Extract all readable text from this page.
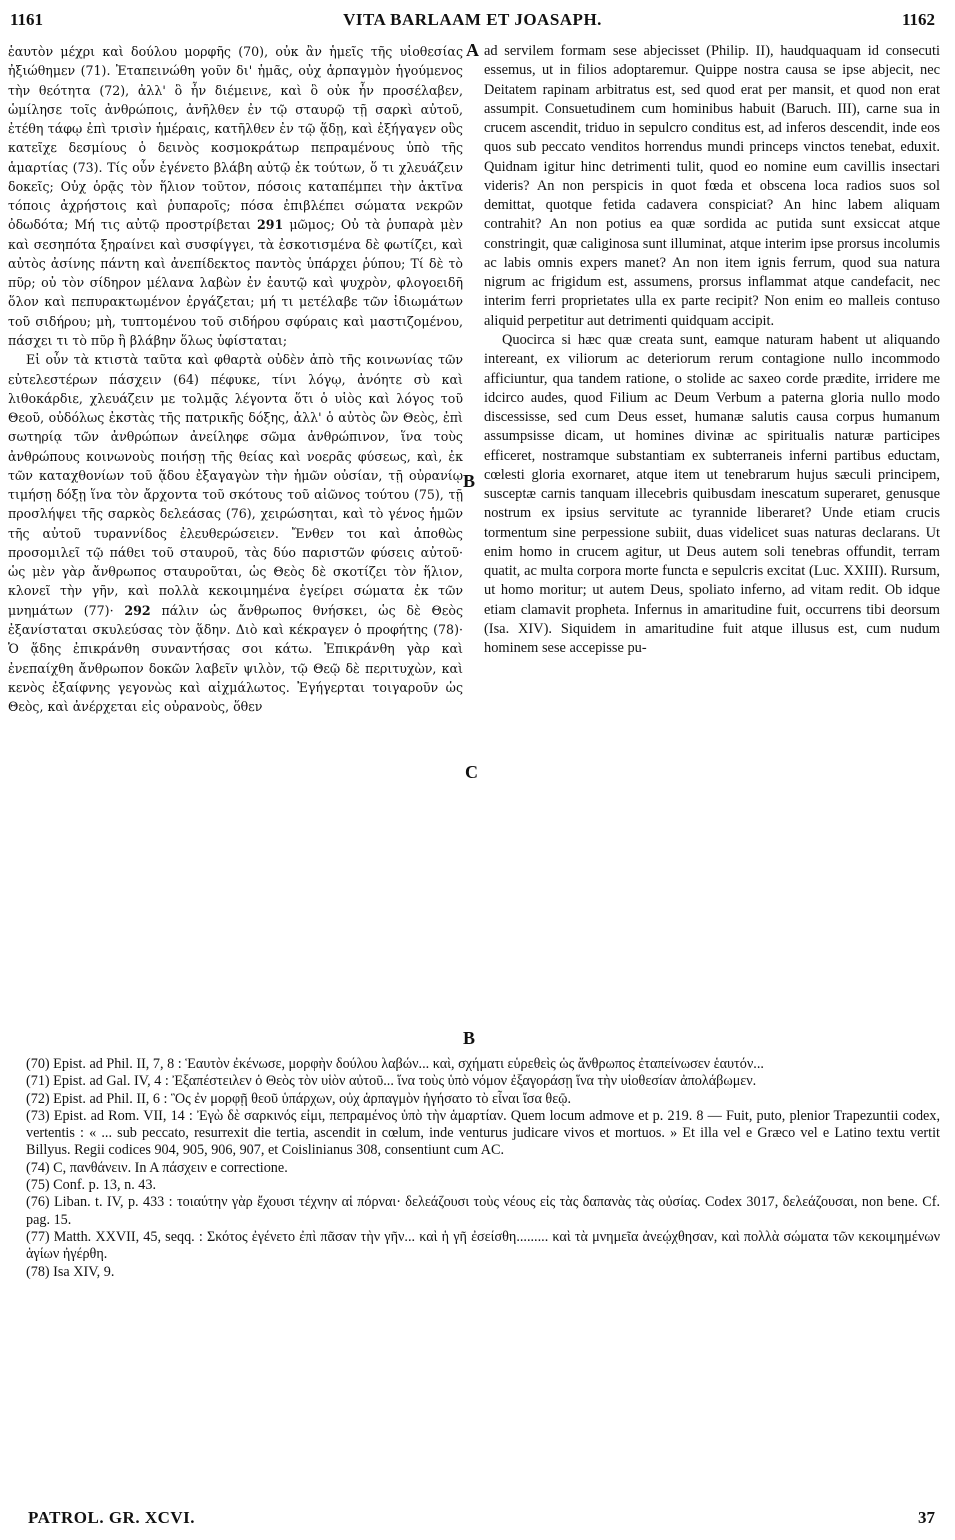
1161	VITA BARLAAM ET JOASAPH.	1162

ἑαυτὸν μέχρι καὶ δούλου μορφῆς (70), οὐκ ἂν ἡμεῖς τῆς υἱοθεσίας ἠξιώθημεν (71). Ἐταπεινώθη γοῦν δι' ἡμᾶς, οὐχ ἁρπαγμὸν ἡγούμενος τὴν θεότητα (72), ἀλλ' ὃ ἦν διέμεινε, καὶ ὃ οὐκ ἦν προσέλαβεν, ὡμίλησε τοῖς ἀνθρώποις, ἀνῆλθεν ἐν τῷ σταυρῷ τῇ σαρκὶ αὐτοῦ, ἐτέθη τάφῳ ἐπὶ τρισὶν ἡμέραις, κατῆλθεν ἐν τῷ ᾅδῃ, καὶ ἐξήγαγεν οὓς κατεῖχε δεσμίους ὁ δεινὸς κοσμοκράτωρ πεπραμένους ὑπὸ τῆς ἁμαρτίας (73). Τίς οὖν ἐγένετο βλάβη αὐτῷ ἐκ τούτων, ὅ τι χλευάζειν δοκεῖς; Οὐχ ὁρᾷς τὸν ἥλιον τοῦτον, πόσοις καταπέμπει τὴν ἀκτῖνα τόποις ἀχρήστοις καὶ ῥυπαροῖς; πόσα ἐπιβλέπει σώματα νεκρῶν ὀδωδότα; Μή τις αὐτῷ προστρίβεται 291 μῶμος; Οὐ τὰ ῥυπαρὰ μὲν καὶ σεσηπότα ξηραίνει καὶ συσφίγγει, τὰ ἐσκοτισμένα δὲ φωτίζει, καὶ αὐτὸς ἀσίνης πάντη καὶ ἀνεπίδεκτος παντὸς ὑπάρχει ῥύπου; Τί δὲ τὸ πῦρ; οὐ τὸν σίδηρον μέλανα λαβὼν ἐν ἑαυτῷ καὶ ψυχρὸν, φλογοειδῆ ὅλον καὶ πεπυρακτωμένον ἐργάζεται; μή τι μετέλαβε τῶν ἰδιωμάτων τοῦ σιδήρου; μὴ, τυπτομένου τοῦ σιδήρου σφύραις καὶ μαστιζομένου, πάσχει τι τὸ πῦρ ἢ βλάβην ὅλως ὑφίσταται;

Εἰ οὖν τὰ κτιστὰ ταῦτα καὶ φθαρτὰ οὐδὲν ἀπὸ τῆς κοινωνίας τῶν εὐτελεστέρων πάσχειν (64) πέφυκε, τίνι λόγῳ, ἀνόητε σὺ καὶ λιθοκάρδιε, χλευάζειν με τολμᾷς λέγοντα ὅτι ὁ υἱὸς καὶ λόγος τοῦ Θεοῦ, οὐδόλως ἐκστὰς τῆς πατρικῆς δόξης, ἀλλ' ὁ αὐτὸς ὢν Θεὸς, ἐπὶ σωτηρίᾳ τῶν ἀνθρώπων ἀνείληφε σῶμα ἀνθρώπινον, ἵνα τοὺς ἀνθρώπους κοινωνοὺς ποιήσῃ τῆς θείας καὶ νοερᾶς φύσεως, καὶ, ἐκ τῶν καταχθονίων τοῦ ᾅδου ἐξαγαγὼν τὴν ἡμῶν οὐσίαν, τῇ οὐρανίῳ τιμήσῃ δόξῃ ἵνα τὸν ἄρχοντα τοῦ σκότους τοῦ αἰῶνος τούτου (75), τῇ προσλήψει τῆς σαρκὸς δελεάσας (76), χειρώσηται, καὶ τὸ γένος ἡμῶν τῆς αὐτοῦ τυραννίδος ἐλευθερώσειεν. Ἔνθεν τοι καὶ ἀποθὼς προσομιλεῖ τῷ πάθει τοῦ σταυροῦ, τὰς δύο παριστῶν φύσεις αὐτοῦ· ὡς μὲν γὰρ ἄνθρωπος σταυροῦται, ὡς Θεὸς δὲ σκοτίζει τὸν ἥλιον, κλονεῖ τὴν γῆν, καὶ πολλὰ κεκοιμημένα ἐγείρει σώματα ἐκ τῶν μνημάτων (77)· 292 πάλιν ὡς ἄνθρωπος θνήσκει, ὡς δὲ Θεὸς ἐξανίσταται σκυλεύσας τὸν ᾅδην. Διὸ καὶ κέκραγεν ὁ προφήτης (78)· Ὁ ᾅδης ἐπικράνθη συναντήσας σοι κάτω. Ἐπικράνθη γὰρ καὶ ἐνεπαίχθη ἄνθρωπον δοκῶν λαβεῖν ψιλὸν, τῷ Θεῷ δὲ περιτυχὼν, καὶ κενὸς ἐξαίφνης γεγονὼς καὶ αἰχμάλωτος. Ἐγήγερται τοιγαροῦν ὡς Θεὸς, καὶ ἀνέρχεται εἰς οὐρανοὺς, ὅθεν

A
B
C
B

ad servilem formam sese abjecisset (Philip. II), haudquaquam id consecuti essemus, ut in filios adoptaremur. Quippe nostra causa se ipse abjecit, nec Deitatem rapinam arbitratus est, sed quod erat per mansit, et quod non erat assumpit. Consuetudinem cum hominibus habuit (Baruch. III), carne sua in crucem ascendit, triduo in sepulcro conditus est, ad inferos descendit, inde eos quos sub peccato venditos horrendus mundi princeps vinctos tenebat, eduxit. Quidnam igitur hinc detrimenti tulit, quod eo nomine eum cavillis insectari videris? An non perspicis in quot fœda et obscena loca radios suos sol demittat, quotque fetida cadavera conspiciat? An hinc labem aliquam contrahit? An non potius ea quæ sordida ac putida sunt exsiccat atque constringit, quæ caliginosa sunt illuminat, atque interim ipse prorsus incolumis ac labis omnis expers manet? An non item ignis ferrum, quod sua natura nigrum ac frigidum est, assumens, prorsus inflammat atque candefacit, nec interim ferri proprietates ulla ex parte recipit? Non enim eo malleis contuso aliquid perpetitur aut detrimenti quidquam accipit.

Quocirca si hæc quæ creata sunt, eamque naturam habent ut aliquando intereant, ex viliorum ac deteriorum rerum contagione nullo incommodo afficiuntur, qua tandem ratione, o stolide ac saxeo corde prædite, irridere me idcirco audes, quod Filium ac Deum Verbum a paterna gloria nullo modo discessisse, sed cum Deus esset, humanæ salutis causa corpus humanum assumpsisse dicam, ut homines divinæ ac spiritualis naturæ participes efficeret, nostramque substantiam ex subterraneis inferni partibus eductam, cœlesti gloria exornaret, atque item ut tenebrarum hujus sæculi principem, susceptæ carnis tanquam illecebris quibusdam inescatum superaret, genusque nostrum ex ipsius servitute ac tyrannide liberaret? Unde etiam crucis tormentum sine perpessione subiit, duas videlicet suas naturas declarans. Ut enim homo in crucem agitur, ut Deus autem soli tenebras offundit, terram quatit, ac multa corpora morte functa e sepulcris excitat (Luc. XXIII). Rursum, ut homo moritur; ut autem Deus, spoliato inferno, ad vitam redit. Ob idque etiam clamavit propheta. Infernus in amaritudine fuit, occurrens tibi deorsum (Isa. XIV). Siquidem in amaritudine fuit atque illusus est, cum nudum hominem sese accepisse pu-

(70) Epist. ad Phil. II, 7, 8 : Ἑαυτὸν ἐκένωσε, μορφὴν δούλου λαβών... καὶ, σχήματι εὑρεθεὶς ὡς ἄνθρωπος ἐταπείνωσεν ἑαυτόν...

(71) Epist. ad Gal. IV, 4 : Ἐξαπέστειλεν ὁ Θεὸς τὸν υἱὸν αὐτοῦ... ἵνα τοὺς ὑπὸ νόμον ἐξαγοράσῃ ἵνα τὴν υἱοθεσίαν ἀπολάβωμεν.

(72) Epist. ad Phil. II, 6 : Ὃς ἐν μορφῇ θεοῦ ὑπάρχων, οὐχ ἁρπαγμὸν ἡγήσατο τὸ εἶναι ἴσα θεῷ.

(73) Epist. ad Rom. VII, 14 : Ἐγὼ δὲ σαρκινός εἰμι, πεπραμένος ὑπὸ τὴν ἁμαρτίαν. Quem locum admove et p. 219. 8 — Fuit, puto, plenior Trapezuntii codex, vertentis : « ... sub peccato, resurrexit die tertia, ascendit in cœlum, inde venturus judicare vivos et mortuos. » Et illa vel e Græco vel e Latino textu vertit Billyus. Regii codices 904, 905, 906, 907, et Coislinianus 308, consentiunt cum AC.

(74) C, πανθάνειν. In A πάσχειν e correctione.

(75) Conf. p. 13, n. 43.

(76) Liban. t. IV, p. 433 : τοιαύτην γὰρ ἔχουσι τέχνην αἱ πόρναι· δελεάζουσι τοὺς νέους εἰς τὰς δαπανὰς τὰς οὐσίας. Codex 3017, δελεάζουσαι, non bene. Cf. pag. 15.

(77) Matth. XXVII, 45, seqq. : Σκότος ἐγένετο ἐπὶ πᾶσαν τὴν γῆν... καὶ ἡ γῆ ἐσείσθη......... καὶ τὰ μνημεῖα ἀνεῴχθησαν, καὶ πολλὰ σώματα τῶν κεκοιμημένων ἁγίων ἠγέρθη.

(78) Isa XIV, 9.

PATROL. GR. XCVI.	37
